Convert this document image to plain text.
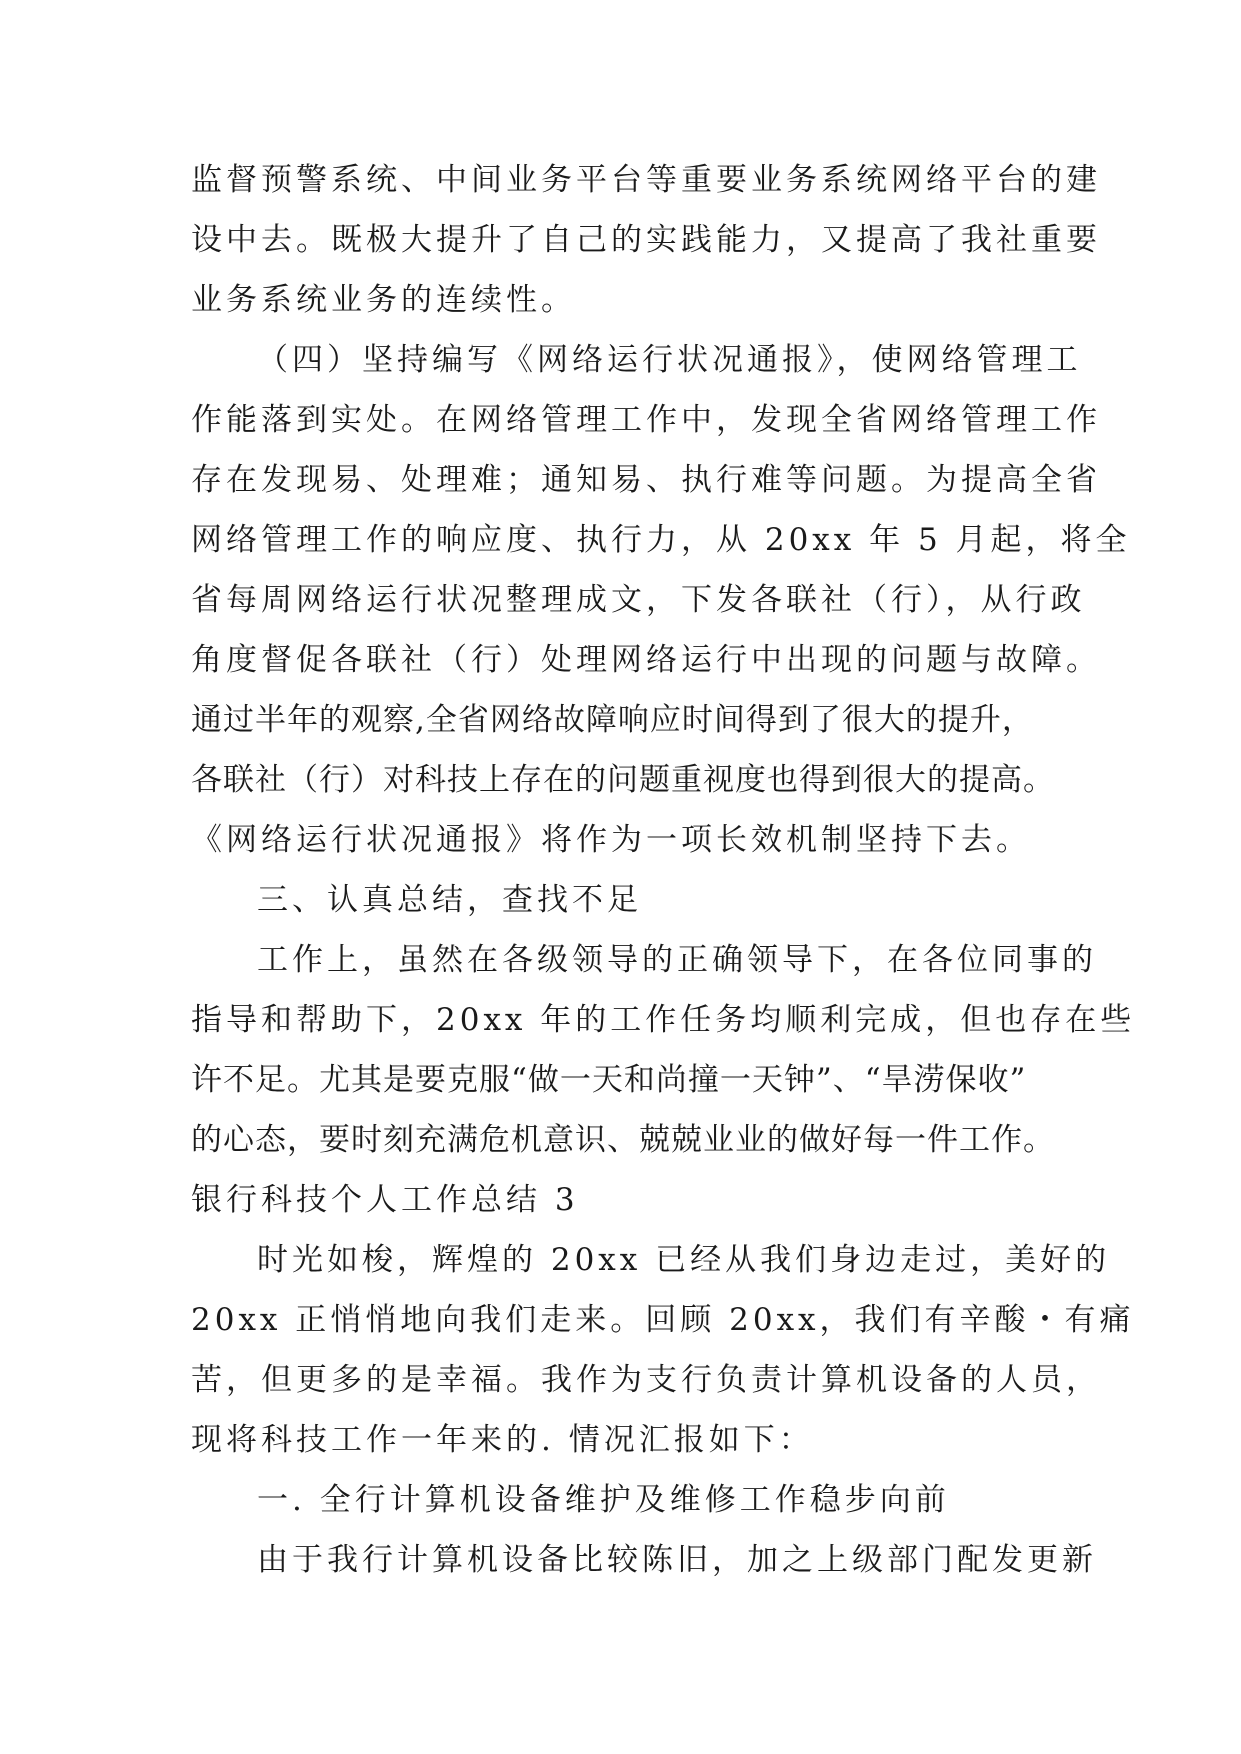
监督预警系统、中间业务平台等重要业务系统网络平台的建
设中去。既极大提升了自己的实践能力，又提高了我社重要
业务系统业务的连续性。
（四）坚持编写《网络运行状况通报》，使网络管理工
作能落到实处。在网络管理工作中，发现全省网络管理工作
存在发现易、处理难；通知易、执行难等问题。为提高全省
网络管理工作的响应度、执行力，从 20xx 年 5 月起，将全
省每周网络运行状况整理成文，下发各联社（行），从行政
角度督促各联社（行）处理网络运行中出现的问题与故障。
通过半年的观察,全省网络故障响应时间得到了很大的提升，
各联社（行）对科技上存在的问题重视度也得到很大的提高。
《网络运行状况通报》将作为一项长效机制坚持下去。
三、认真总结，查找不足
工作上，虽然在各级领导的正确领导下，在各位同事的
指导和帮助下，20xx 年的工作任务均顺利完成，但也存在些
许不足。尤其是要克服“做一天和尚撞一天钟”、“旱涝保收”
的心态，要时刻充满危机意识、兢兢业业的做好每一件工作。
银行科技个人工作总结 3
时光如梭，辉煌的 20xx 已经从我们身边走过，美好的
20xx 正悄悄地向我们走来。回顾 20xx，我们有辛酸・有痛
苦，但更多的是幸福。我作为支行负责计算机设备的人员，
现将科技工作一年来的. 情况汇报如下：
一. 全行计算机设备维护及维修工作稳步向前
由于我行计算机设备比较陈旧，加之上级部门配发更新
